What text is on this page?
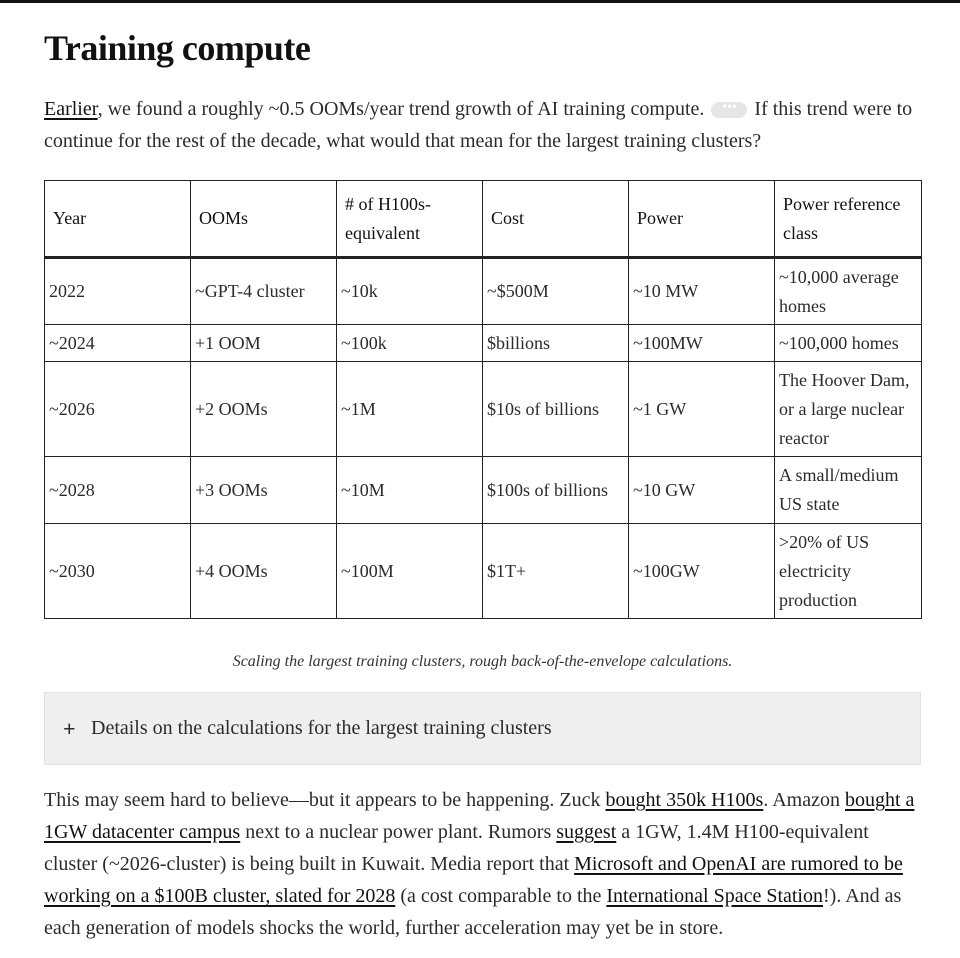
Training compute

Earlier, we found a roughly ~0.5 OOMs/year trend growth of AI training compute. ••• If this trend were to continue for the rest of the decade, what would that mean for the largest training clusters?

Year	OOMs	# of H100s-equivalent	Cost	Power	Power reference class
2022	~GPT-4 cluster	~10k	~$500M	~10 MW	~10,000 average homes
~2024	+1 OOM	~100k	$billions	~100MW	~100,000 homes
~2026	+2 OOMs	~1M	$10s of billions	~1 GW	The Hoover Dam, or a large nuclear reactor
~2028	+3 OOMs	~10M	$100s of billions	~10 GW	A small/medium US state
~2030	+4 OOMs	~100M	$1T+	~100GW	>20% of US electricity production
Scaling the largest training clusters, rough back-of-the-envelope calculations.
+ Details on the calculations for the largest training clusters

This may seem hard to believe—but it appears to be happening. Zuck bought 350k H100s. Amazon bought a 1GW datacenter campus next to a nuclear power plant. Rumors suggest a 1GW, 1.4M H100-equivalent cluster (~2026-cluster) is being built in Kuwait. Media report that Microsoft and OpenAI are rumored to be working on a $100B cluster, slated for 2028 (a cost comparable to the International Space Station!). And as each generation of models shocks the world, further acceleration may yet be in store.
